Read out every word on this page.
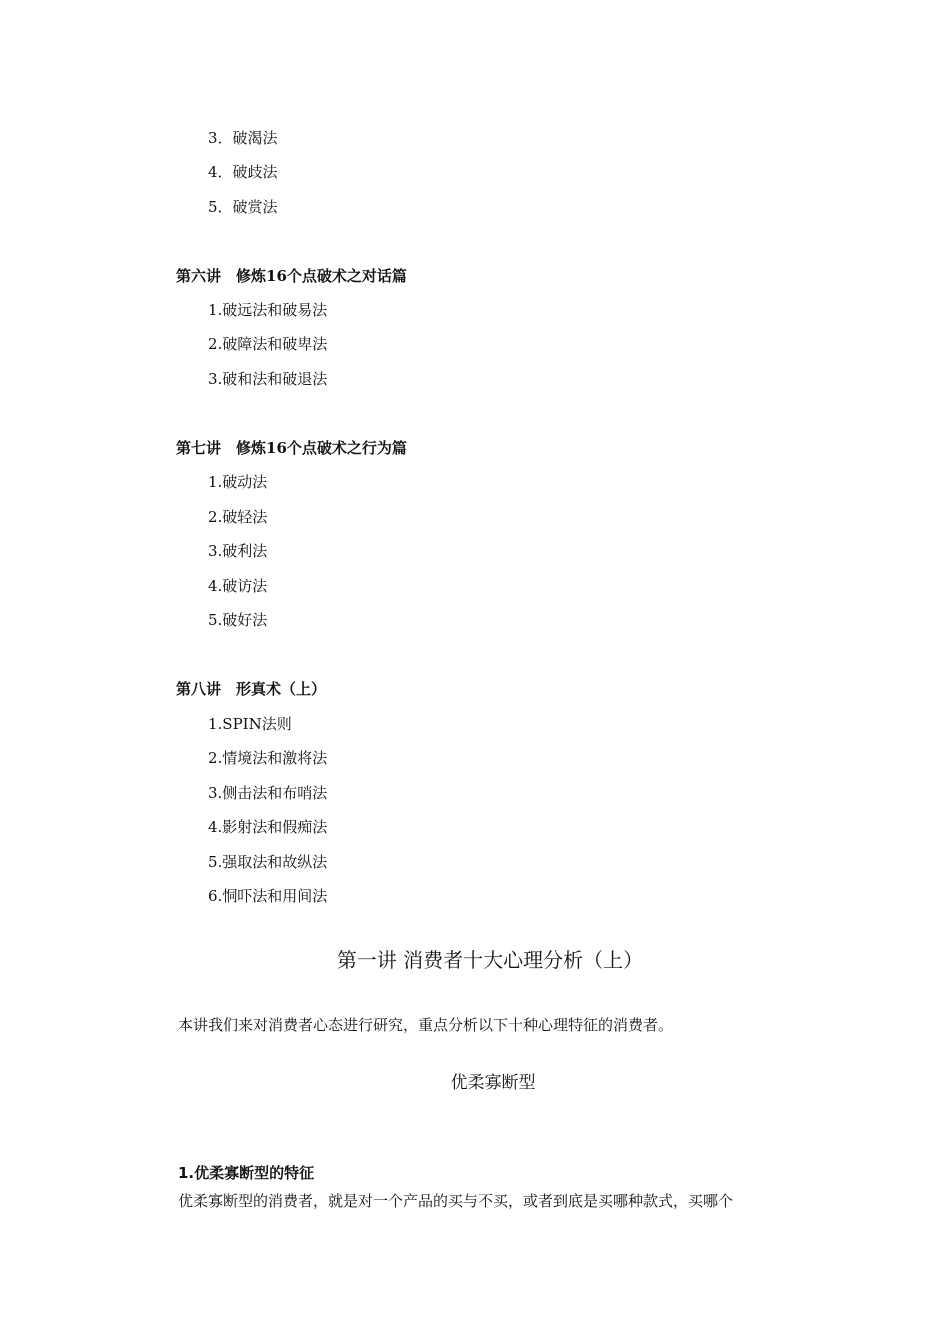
3．破渴法
4．破歧法
5．破赏法
第六讲　修炼16个点破术之对话篇
1.破远法和破易法
2.破障法和破卑法
3.破和法和破退法
第七讲　修炼16个点破术之行为篇
1.破动法
2.破轻法
3.破利法
4.破访法
5.破好法
第八讲　形真术（上）
1.SPIN法则
2.情境法和激将法
3.侧击法和布哨法
4.影射法和假痴法
5.强取法和故纵法
6.恫吓法和用间法
第一讲 消费者十大心理分析（上）
本讲我们来对消费者心态进行研究，重点分析以下十种心理特征的消费者。
优柔寡断型
1.优柔寡断型的特征
优柔寡断型的消费者，就是对一个产品的买与不买，或者到底是买哪种款式，买哪个
